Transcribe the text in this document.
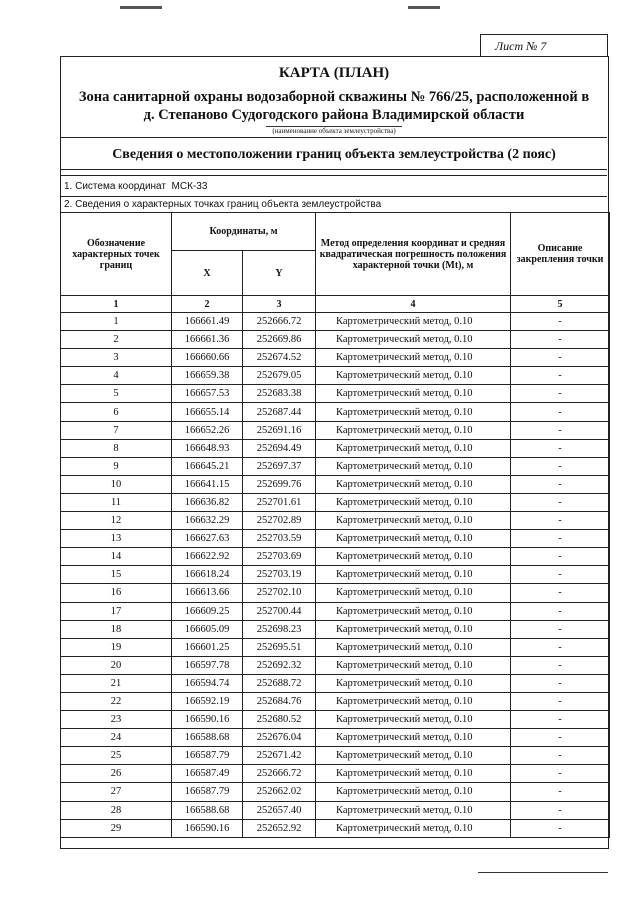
Лист № 7
КАРТА (ПЛАН)
Зона санитарной охраны водозаборной скважины № 766/25, расположенной в
д. Степаново Судогодского района Владимирской области
(наименование объекта землеустройства)
Сведения о местоположении границ объекта землеустройства (2 пояс)
1. Система координат МСК-33
2. Сведения о характерных точках границ объекта землеустройства
Обозначение характерных точек границ	Координаты, м		Метод определения координат и средняя квадратическая погрешность положения характерной точки (Mt), м	Описание закрепления точки
	X	Y		
1	2	3	4	5
1	166661.49	252666.72	Картометрический метод, 0.10	-
2	166661.36	252669.86	Картометрический метод, 0.10	-
3	166660.66	252674.52	Картометрический метод, 0.10	-
4	166659.38	252679.05	Картометрический метод, 0.10	-
5	166657.53	252683.38	Картометрический метод, 0.10	-
6	166655.14	252687.44	Картометрический метод, 0.10	-
7	166652.26	252691.16	Картометрический метод, 0.10	-
8	166648.93	252694.49	Картометрический метод, 0.10	-
9	166645.21	252697.37	Картометрический метод, 0.10	-
10	166641.15	252699.76	Картометрический метод, 0.10	-
11	166636.82	252701.61	Картометрический метод, 0.10	-
12	166632.29	252702.89	Картометрический метод, 0.10	-
13	166627.63	252703.59	Картометрический метод, 0.10	-
14	166622.92	252703.69	Картометрический метод, 0.10	-
15	166618.24	252703.19	Картометрический метод, 0.10	-
16	166613.66	252702.10	Картометрический метод, 0.10	-
17	166609.25	252700.44	Картометрический метод, 0.10	-
18	166605.09	252698.23	Картометрический метод, 0.10	-
19	166601.25	252695.51	Картометрический метод, 0.10	-
20	166597.78	252692.32	Картометрический метод, 0.10	-
21	166594.74	252688.72	Картометрический метод, 0.10	-
22	166592.19	252684.76	Картометрический метод, 0.10	-
23	166590.16	252680.52	Картометрический метод, 0.10	-
24	166588.68	252676.04	Картометрический метод, 0.10	-
25	166587.79	252671.42	Картометрический метод, 0.10	-
26	166587.49	252666.72	Картометрический метод, 0.10	-
27	166587.79	252662.02	Картометрический метод, 0.10	-
28	166588.68	252657.40	Картометрический метод, 0.10	-
29	166590.16	252652.92	Картометрический метод, 0.10	-
